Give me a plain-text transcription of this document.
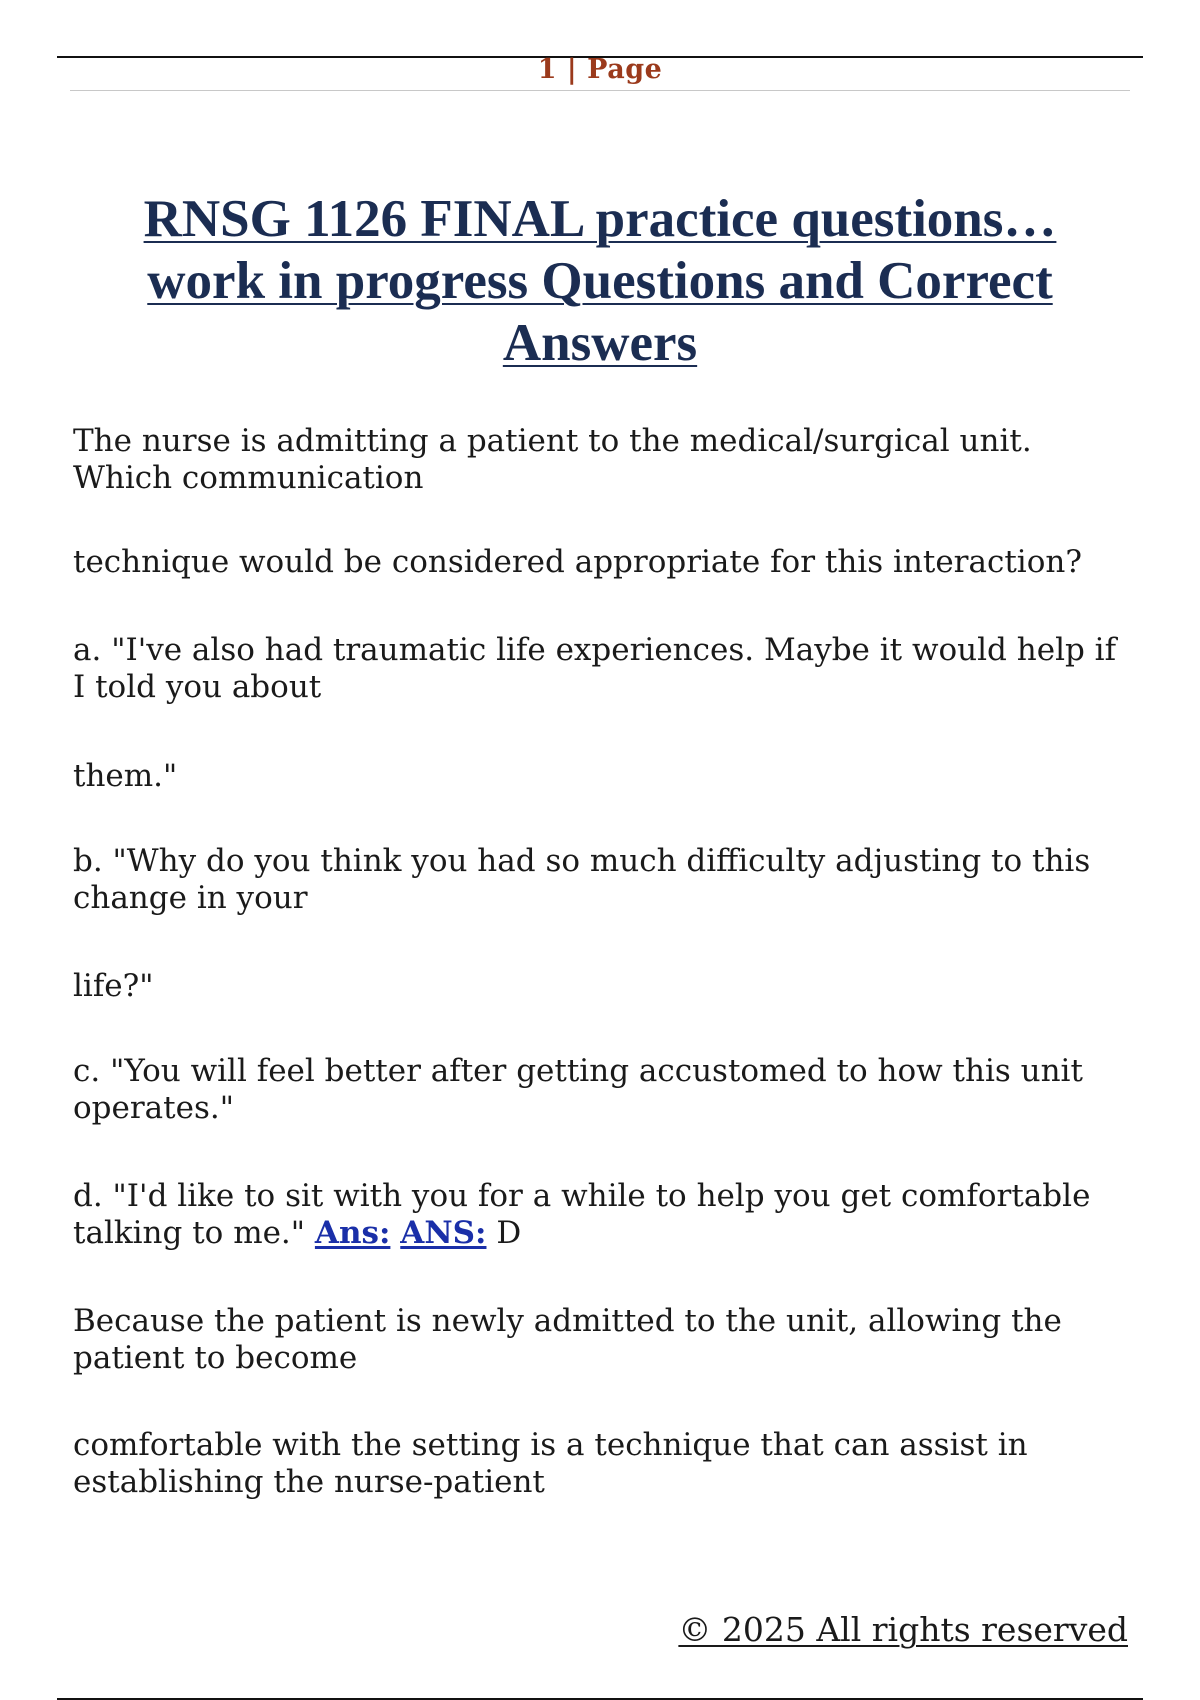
1 | Page
RNSG 1126 FINAL practice questions… work in progress Questions and Correct Answers

The nurse is admitting a patient to the medical/surgical unit. Which communication

technique would be considered appropriate for this interaction?

a. "I've also had traumatic life experiences. Maybe it would help if I told you about

them."

b. "Why do you think you had so much difficulty adjusting to this change in your

life?"

c. "You will feel better after getting accustomed to how this unit operates."

d. "I'd like to sit with you for a while to help you get comfortable talking to me." Ans: ANS: D

Because the patient is newly admitted to the unit, allowing the patient to become

comfortable with the setting is a technique that can assist in establishing the nurse-patient

© 2025 All rights reserved
